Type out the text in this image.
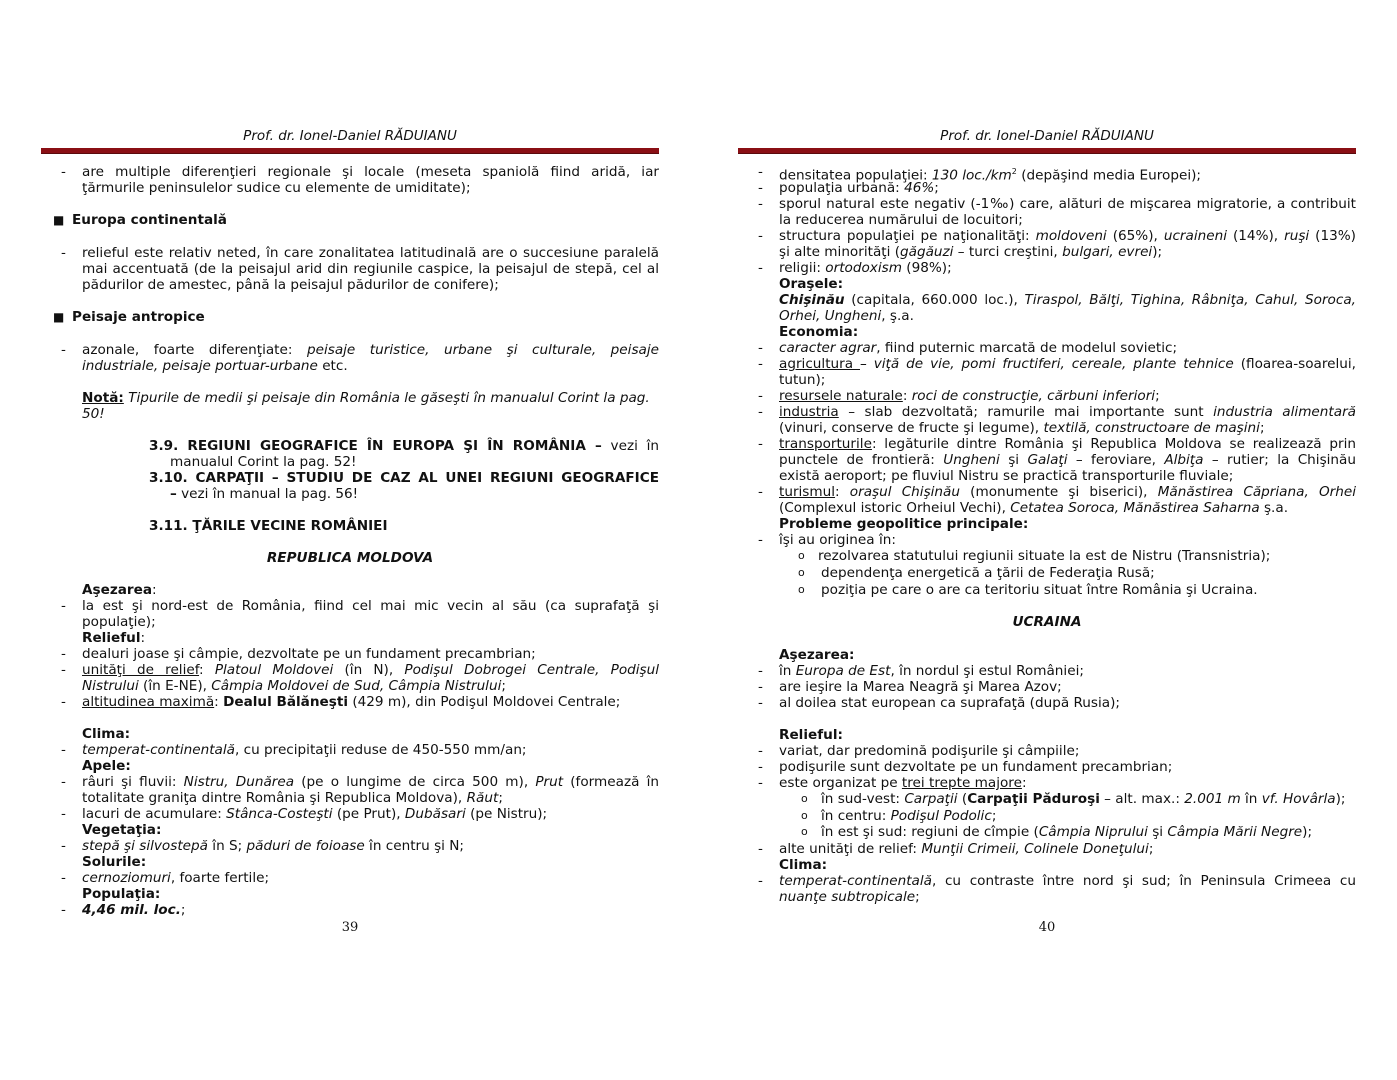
Prof. dr. Ionel-Daniel RĂDUIANU
- are multiple diferenţieri regionale şi locale (meseta spaniolă fiind aridă, iar
ţărmurile peninsulelor sudice cu elemente de umiditate);
■ Europa continentală
- relieful este relativ neted, în care zonalitatea latitudinală are o succesiune paralelă
mai accentuată (de la peisajul arid din regiunile caspice, la peisajul de stepă, cel al
pădurilor de amestec, până la peisajul pădurilor de conifere);
■ Peisaje antropice
- azonale, foarte diferenţiate: peisaje turistice, urbane şi culturale, peisaje
industriale, peisaje portuar-urbane etc.
Notă: Tipurile de medii şi peisaje din România le găseşti în manualul Corint la pag.
50!
3.9. REGIUNI GEOGRAFICE ÎN EUROPA ŞI ÎN ROMÂNIA – vezi în
manualul Corint la pag. 52!
3.10. CARPAŢII – STUDIU DE CAZ AL UNEI REGIUNI GEOGRAFICE
– vezi în manual la pag. 56!
3.11. ŢĂRILE VECINE ROMÂNIEI
REPUBLICA MOLDOVA
Aşezarea:
- la est şi nord-est de România, fiind cel mai mic vecin al său (ca suprafaţă şi
populaţie);
Relieful:
- dealuri joase şi câmpie, dezvoltate pe un fundament precambrian;
- unităţi de relief: Platoul Moldovei (în N), Podişul Dobrogei Centrale, Podişul
Nistrului (în E-NE), Câmpia Moldovei de Sud, Câmpia Nistrului;
- altitudinea maximă: Dealul Bălăneşti (429 m), din Podişul Moldovei Centrale;
Clima:
- temperat-continentală, cu precipitaţii reduse de 450-550 mm/an;
Apele:
- râuri şi fluvii: Nistru, Dunărea (pe o lungime de circa 500 m), Prut (formează în
totalitate graniţa dintre România şi Republica Moldova), Răut;
- lacuri de acumulare: Stânca-Costeşti (pe Prut), Dubăsari (pe Nistru);
Vegetaţia:
- stepă şi silvostepă în S; păduri de foioase în centru şi N;
Solurile:
- cernoziomuri, foarte fertile;
Populaţia:
- 4,46 mil. loc.;
39
Prof. dr. Ionel-Daniel RĂDUIANU
- densitatea populaţiei: 130 $loc./km^2$ (depăşind media Europei);
- populaţia urbană: 46%;
- sporul natural este negativ (-1‰) care, alături de mişcarea migratorie, a contribuit
la reducerea numărului de locuitori;
- structura populaţiei pe naţionalităţi: moldoveni (65%), ucraineni (14%), ruşi (13%)
şi alte minorităţi (găgăuzi – turci creştini, bulgari, evrei);
- religii: ortodoxism (98%);
Oraşele:
Chişinău (capitala, 660.000 loc.), Tiraspol, Bălţi, Tighina, Râbniţa, Cahul, Soroca,
Orhei, Ungheni, ş.a.
Economia:
- caracter agrar, fiind puternic marcată de modelul sovietic;
- agricultura – viţă de vie, pomi fructiferi, cereale, plante tehnice (floarea-soarelui,
tutun);
- resursele naturale: roci de construcţie, cărbuni inferiori;
- industria – slab dezvoltată; ramurile mai importante sunt industria alimentară
(vinuri, conserve de fructe şi legume), textilă, constructoare de maşini;
- transporturile: legăturile dintre România şi Republica Moldova se realizează prin
punctele de frontieră: Ungheni şi Galaţi – feroviare, Albiţa – rutier; la Chişinău
există aeroport; pe fluviul Nistru se practică transporturile fluviale;
- turismul: oraşul Chişinău (monumente şi biserici), Mănăstirea Căpriana, Orhei
(Complexul istoric Orheiul Vechi), Cetatea Soroca, Mănăstirea Saharna ş.a.
Probleme geopolitice principale:
- îşi au originea în:
o rezolvarea statutului regiunii situate la est de Nistru (Transnistria);
o dependenţa energetică a ţării de Federaţia Rusă;
o poziţia pe care o are ca teritoriu situat între România şi Ucraina.
UCRAINA
Aşezarea:
- în Europa de Est, în nordul şi estul României;
- are ieşire la Marea Neagră şi Marea Azov;
- al doilea stat european ca suprafaţă (după Rusia);
Relieful:
- variat, dar predomină podişurile şi câmpiile;
- podişurile sunt dezvoltate pe un fundament precambrian;
- este organizat pe trei trepte majore:
o în sud-vest: Carpaţii (Carpaţii Păduroşi – alt. max.: 2.001 m în vf. Hovârla);
o în centru: Podişul Podolic;
o în est şi sud: regiuni de cîmpie (Câmpia Niprului şi Câmpia Mării Negre);
- alte unităţi de relief: Munţii Crimeii, Colinele Doneţului;
Clima:
- temperat-continentală, cu contraste între nord şi sud; în Peninsula Crimeea cu
nuanţe subtropicale;
40
